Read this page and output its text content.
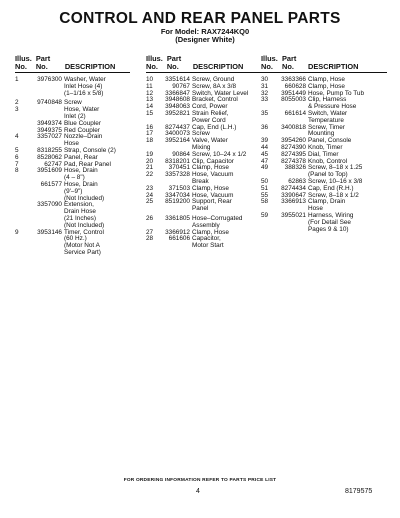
CONTROL AND REAR PANEL PARTS
For Model: RAX7244KQ0
(Designer White)
Illus.
No.
Part
No.
	DESCRIPTION
1	3976300 Washer, Water
Inlet Hose (4)
(1–1/16 x 5/8)
2	9740848 Screw
3	Hose, Water
Inlet (2)
3949374 Blue Coupler
3949375 Red Coupler
4	3357027 Nozzle–Drain
Hose
5	8318255 Strap, Console (2)
6	8528062 Panel, Rear
7	62747 Pad, Rear Panel
8	3951609 Hose, Drain
(4 – 8")
661577 Hose, Drain
(9'–9")
(Not Included)
3357090 Extension,
Drain Hose
(21 Inches)
(Not Included)
9	3953146 Timer, Control
(60 Hz.)
(Motor Not A
Service Part)
Illus.
No.
Part
No.
	DESCRIPTION
10	3351614 Screw, Ground
11	90767 Screw, 8A x 3/8
12	3366847 Switch, Water Level
13	3948608 Bracket, Control
14	3948063 Cord, Power
15	3952821 Strain Relief,
Power Cord
16	8274437 Cap, End (L.H.)
17	3400073 Screw
18	3952164 Valve, Water
Mixing
19	90864 Screw, 10–24 x 1/2
20	8318201 Clip, Capacitor
21	370451 Clamp, Hose
22	3357328 Hose, Vacuum
Break
23	371503 Clamp, Hose
24	3347034 Hose, Vacuum
25	8519200 Support, Rear
Panel
26	3361805 Hose–Corrugated
Assembly
27	3366912 Clamp, Hose
28	661606 Capacitor,
Motor Start
Illus.
No.
Part
No.
	DESCRIPTION
30	3363366 Clamp, Hose
31	660628 Clamp, Hose
32	3951449 Hose, Pump To Tub
33	8055003 Clip, Harness
& Pressure Hose
35	661614 Switch, Water
Temperature
36	3400818 Screw, Timer
Mounting
39	3954260 Panel, Console
44	8274390 Knob, Timer
45	8274395 Dial, Timer
47	8274378 Knob, Control
49	388326 Screw, 8–18 x 1.25
(Panel to Top)
50	62863 Screw, 10–16 x 3/8
51	8274434 Cap, End (R.H.)
55	3390647 Screw, 8–18 x 1/2
58	3366913 Clamp, Drain
Hose
59	3955021 Harness, Wiring
(For Detail See
Pages 9 & 10)
FOR ORDERING INFORMATION REFER TO PARTS PRICE LIST
4	8179575
